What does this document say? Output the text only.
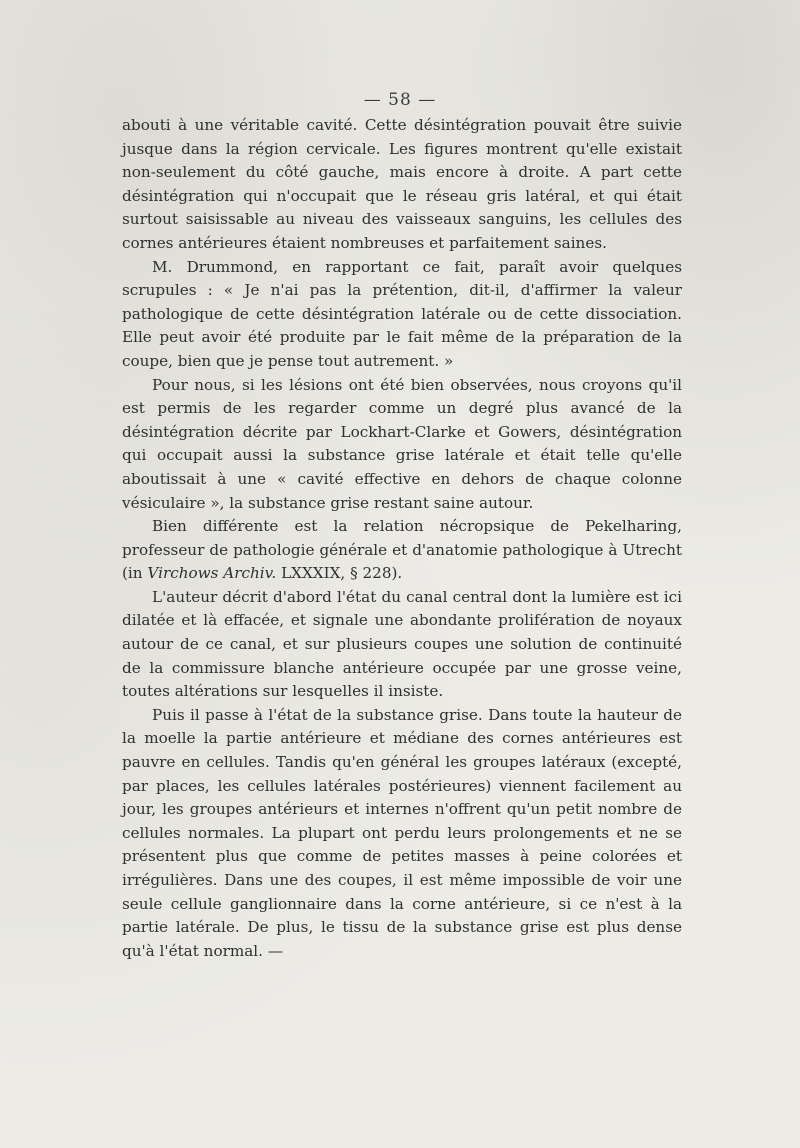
— 58 —

abouti à une véritable cavité. Cette désintégration pouvait être suivie jusque dans la région cervicale. Les figures montrent qu'elle existait non-seulement du côté gauche, mais encore à droite. A part cette désintégration qui n'occupait que le réseau gris latéral, et qui était surtout saisissable au niveau des vaisseaux sanguins, les cellules des cornes antérieures étaient nombreuses et parfaitement saines.

M. Drummond, en rapportant ce fait, paraît avoir quelques scrupules : « Je n'ai pas la prétention, dit-il, d'affirmer la valeur pathologique de cette désintégration latérale ou de cette dissociation. Elle peut avoir été produite par le fait même de la préparation de la coupe, bien que je pense tout autrement. »

Pour nous, si les lésions ont été bien observées, nous croyons qu'il est permis de les regarder comme un degré plus avancé de la désintégration décrite par Lockhart-Clarke et Gowers, désintégration qui occupait aussi la substance grise latérale et était telle qu'elle aboutissait à une « cavité effective en dehors de chaque colonne vésiculaire », la substance grise restant saine autour.

Bien différente est la relation nécropsique de Pekelharing, professeur de pathologie générale et d'anatomie pathologique à Utrecht (in Virchows Archiv. LXXXIX, § 228).

L'auteur décrit d'abord l'état du canal central dont la lumière est ici dilatée et là effacée, et signale une abondante prolifération de noyaux autour de ce canal, et sur plusieurs coupes une solution de continuité de la commissure blanche antérieure occupée par une grosse veine, toutes altérations sur lesquelles il insiste.

Puis il passe à l'état de la substance grise. Dans toute la hauteur de la moelle la partie antérieure et médiane des cornes antérieures est pauvre en cellules. Tandis qu'en général les groupes latéraux (excepté, par places, les cellules latérales postérieures) viennent facilement au jour, les groupes antérieurs et internes n'offrent qu'un petit nombre de cellules normales. La plupart ont perdu leurs prolongements et ne se présentent plus que comme de petites masses à peine colorées et irrégulières. Dans une des coupes, il est même impossible de voir une seule cellule ganglionnaire dans la corne antérieure, si ce n'est à la partie latérale. De plus, le tissu de la substance grise est plus dense qu'à l'état normal. —
